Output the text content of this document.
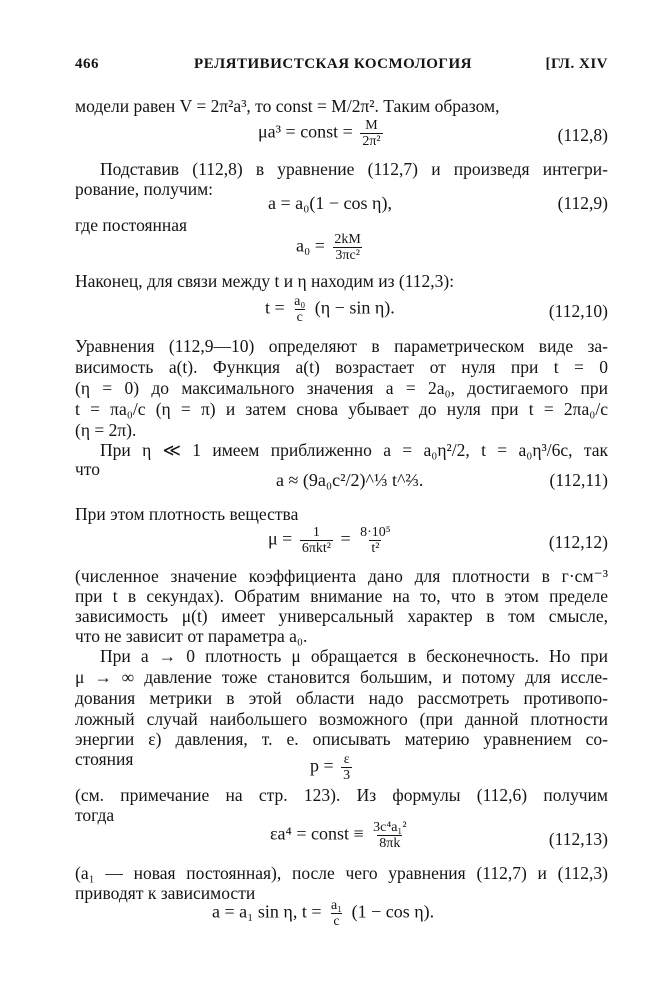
466	РЕЛЯТИВИСТСКАЯ КОСМОЛОГИЯ	[ГЛ. XIV
модели равен V = 2π²a³, то const = M/2π². Таким образом,
μa³ = const = $\frac{M}{\text{2π²}}$	(112,8)
Подставив (112,8) в уравнение (112,7) и произведя интегри-
рование, получим:
a = a₀(1 − cos η),	(112,9)
где постоянная
$a_0 = \frac{2kM}{\text{3πc²}}$
Наконец, для связи между t и η находим из (112,3):
$t = \frac{\text{a₀}}{c} (\eta - \sin \eta)$.	(112,10)
Уравнения (112,9—10) определяют в параметрическом виде за-
висимость a(t). Функция a(t) возрастает от нуля при t = 0
(η = 0) до максимального значения a = 2a₀, достигаемого при
t = πa₀/c (η = π) и затем снова убывает до нуля при t = 2πa₀/c
(η = 2π).
При η ≪ 1 имеем приближенно a = a₀η²/2, t = a₀η³/6c, так
что
a ≈ (9a₀c²/2)^⅓ t^⅔.	(112,11)
При этом плотность вещества
$\mu = \frac{1}{\text{6πkt²}} = \frac{\text{8·10⁵}}{\text{t²}}$	(112,12)
(численное значение коэффициента дано для плотности в г·см⁻³
при t в секундах). Обратим внимание на то, что в этом пределе
зависимость μ(t) имеет универсальный характер в том смысле,
что не зависит от параметра a₀.
При a → 0 плотность μ обращается в бесконечность. Но при
μ → ∞ давление тоже становится большим, и потому для иссле-
дования метрики в этой области надо рассмотреть противопо-
ложный случай наибольшего возможного (при данной плотности
энергии ε) давления, т. е. описывать материю уравнением со-
стояния	$p = \frac{\varepsilon}{3}$
(см. примечание на стр. 123). Из формулы (112,6) получим
тогда
εa⁴ = const ≡ $\frac{\text{3c⁴a₁²}}{8\pi k}$	(112,13)
(a₁ — новая постоянная), после чего уравнения (112,7) и (112,3)
приводят к зависимости
a = a₁ sin η, $t = \frac{\text{a₁}}{c} (1 - \cos \eta)$.
